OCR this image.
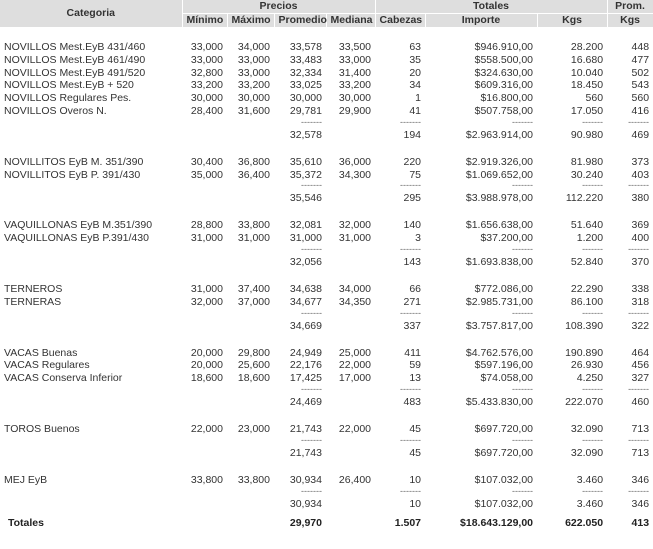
Categoria	Precios				Totales			Prom.
	Mínimo	Máximo	Promedio	Mediana	Cabezas	Importe	Kgs	Kgs

NOVILLOS Mest.EyB 431/460	33,000	34,000	33,578	33,500	63	$946.910,00	28.200	448
NOVILLOS Mest.EyB 461/490	33,000	33,000	33,483	33,000	35	$558.500,00	16.680	477
NOVILLOS Mest.EyB 491/520	32,800	33,000	32,334	31,400	20	$324.630,00	10.040	502
NOVILLOS Mest.EyB + 520	33,200	33,200	33,025	33,200	34	$609.316,00	18.450	543
NOVILLOS Regulares Pes.	30,000	30,000	30,000	30,000	1	$16.800,00	560	560
NOVILLOS Overos N.	28,400	31,600	29,781	29,900	41	$507.758,00	17.050	416
			-------		-------	-------	-------	-------
			32,578		194	$2.963.914,00	90.980	469

NOVILLITOS EyB M. 351/390	30,400	36,800	35,610	36,000	220	$2.919.326,00	81.980	373
NOVILLITOS EyB P. 391/430	35,000	36,400	35,372	34,300	75	$1.069.652,00	30.240	403
			-------		-------	-------	-------	-------
			35,546		295	$3.988.978,00	112.220	380

VAQUILLONAS EyB M.351/390	28,800	33,800	32,081	32,000	140	$1.656.638,00	51.640	369
VAQUILLONAS EyB P.391/430	31,000	31,000	31,000	31,000	3	$37.200,00	1.200	400
			-------		-------	-------	-------	-------
			32,056		143	$1.693.838,00	52.840	370

TERNEROS	31,000	37,400	34,638	34,000	66	$772.086,00	22.290	338
TERNERAS	32,000	37,000	34,677	34,350	271	$2.985.731,00	86.100	318
			-------		-------	-------	-------	-------
			34,669		337	$3.757.817,00	108.390	322

VACAS Buenas	20,000	29,800	24,949	25,000	411	$4.762.576,00	190.890	464
VACAS Regulares	20,000	25,600	22,176	22,000	59	$597.196,00	26.930	456
VACAS Conserva Inferior	18,600	18,600	17,425	17,000	13	$74.058,00	4.250	327
			-------		-------	-------	-------	-------
			24,469		483	$5.433.830,00	222.070	460

TOROS Buenos	22,000	23,000	21,743	22,000	45	$697.720,00	32.090	713
			-------		-------	-------	-------	-------
			21,743		45	$697.720,00	32.090	713

MEJ EyB	33,800	33,800	30,934	26,400	10	$107.032,00	3.460	346
			-------		-------	-------	-------	-------
			30,934		10	$107.032,00	3.460	346
Totales			29,970		1.507	$18.643.129,00	622.050	413
